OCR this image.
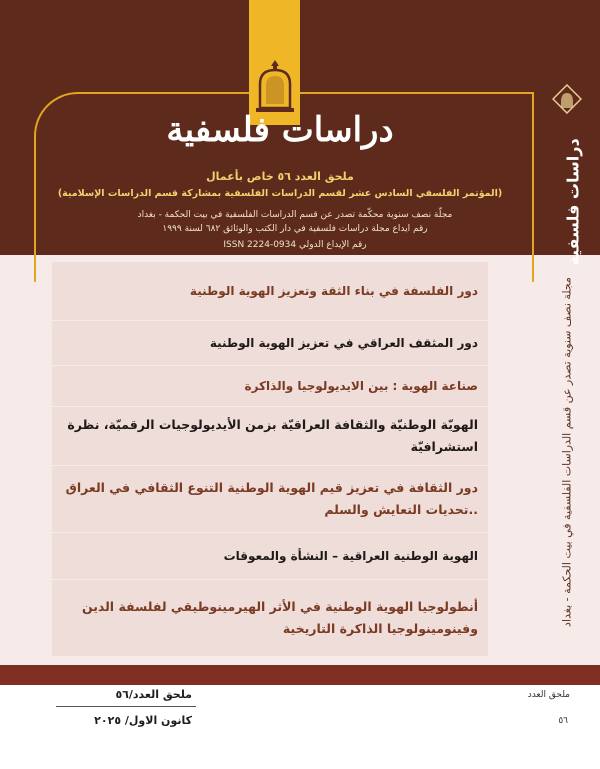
دراسات فلسفية
ملحق العدد ٥٦ خاص بأعمال
(المؤتمر الفلسفي السادس عشر لقسم الدراسات الفلسفية بمشاركة قسم الدراسات الإسلامية)
مجلّة نصف سنوية محكّمة تصدر عن قسم الدراسات الفلسفية في بيت الحكمة - بغداد
رقم ايداع مجلة دراسات فلسفية في دار الكتب والوثائق ٦٨٢ لسنة ١٩٩٩
رقم الإيداع الدولي ISSN 2224-0934	دراسات فلسفية
مجلة نصف سنوية تصدر عن قسم الدراسات الفلسفية في بيت الحكمة - بغداد
دور الفلسفة في بناء الثقة وتعزيز الهوية الوطنية
دور المثقف العراقي في تعزيز الهوية الوطنية
صناعة الهوية : بين الايديولوجيا والذاكرة
الهويّة الوطنيّة والثقافة العراقيّة بزمن الأيديولوجيات الرقميّة، نظرة استشرافيّة
دور الثقافة في تعزيز قيم الهوية الوطنية التنوع الثقافي في العراق ..تحديات التعايش والسلم
الهوية الوطنية العراقية – النشأة والمعوقات
أنطولوجيا الهوية الوطنية في الأثر الهيرمينوطيقي لفلسفة الدين وفينومينولوجيا الذاكرة التاريخية
ملحق العدد/٥٦
كانون الاول/ ٢٠٢٥
ملحق العدد
٥٦
